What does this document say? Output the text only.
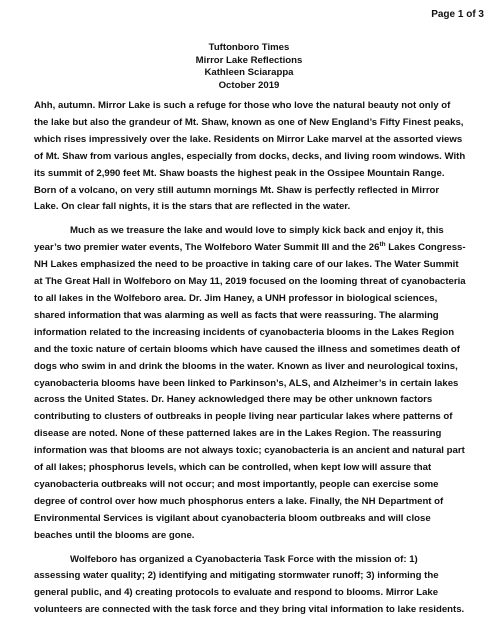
Page 1 of 3
Tuftonboro Times
Mirror Lake Reflections
Kathleen Sciarappa
October 2019

Ahh, autumn. Mirror Lake is such a refuge for those who love the natural beauty not only of the lake but also the grandeur of Mt. Shaw, known as one of New England’s Fifty Finest peaks, which rises impressively over the lake. Residents on Mirror Lake marvel at the assorted views of Mt. Shaw from various angles, especially from docks, decks, and living room windows. With its summit of 2,990 feet Mt. Shaw boasts the highest peak in the Ossipee Mountain Range. Born of a volcano, on very still autumn mornings Mt. Shaw is perfectly reflected in Mirror Lake. On clear fall nights, it is the stars that are reflected in the water.

Much as we treasure the lake and would love to simply kick back and enjoy it, this year’s two premier water events, The Wolfeboro Water Summit III and the 26th Lakes Congress-NH Lakes emphasized the need to be proactive in taking care of our lakes. The Water Summit at The Great Hall in Wolfeboro on May 11, 2019 focused on the looming threat of cyanobacteria to all lakes in the Wolfeboro area. Dr. Jim Haney, a UNH professor in biological sciences, shared information that was alarming as well as facts that were reassuring. The alarming information related to the increasing incidents of cyanobacteria blooms in the Lakes Region and the toxic nature of certain blooms which have caused the illness and sometimes death of dogs who swim in and drink the blooms in the water. Known as liver and neurological toxins, cyanobacteria blooms have been linked to Parkinson’s, ALS, and Alzheimer’s in certain lakes across the United States. Dr. Haney acknowledged there may be other unknown factors contributing to clusters of outbreaks in people living near particular lakes where patterns of disease are noted. None of these patterned lakes are in the Lakes Region. The reassuring information was that blooms are not always toxic; cyanobacteria is an ancient and natural part of all lakes; phosphorus levels, which can be controlled, when kept low will assure that cyanobacteria outbreaks will not occur; and most importantly, people can exercise some degree of control over how much phosphorus enters a lake. Finally, the NH Department of Environmental Services is vigilant about cyanobacteria bloom outbreaks and will close beaches until the blooms are gone.

Wolfeboro has organized a Cyanobacteria Task Force with the mission of: 1) assessing water quality; 2) identifying and mitigating stormwater runoff; 3) informing the general public, and 4) creating protocols to evaluate and respond to blooms. Mirror Lake volunteers are connected with the task force and they bring vital information to lake residents.
